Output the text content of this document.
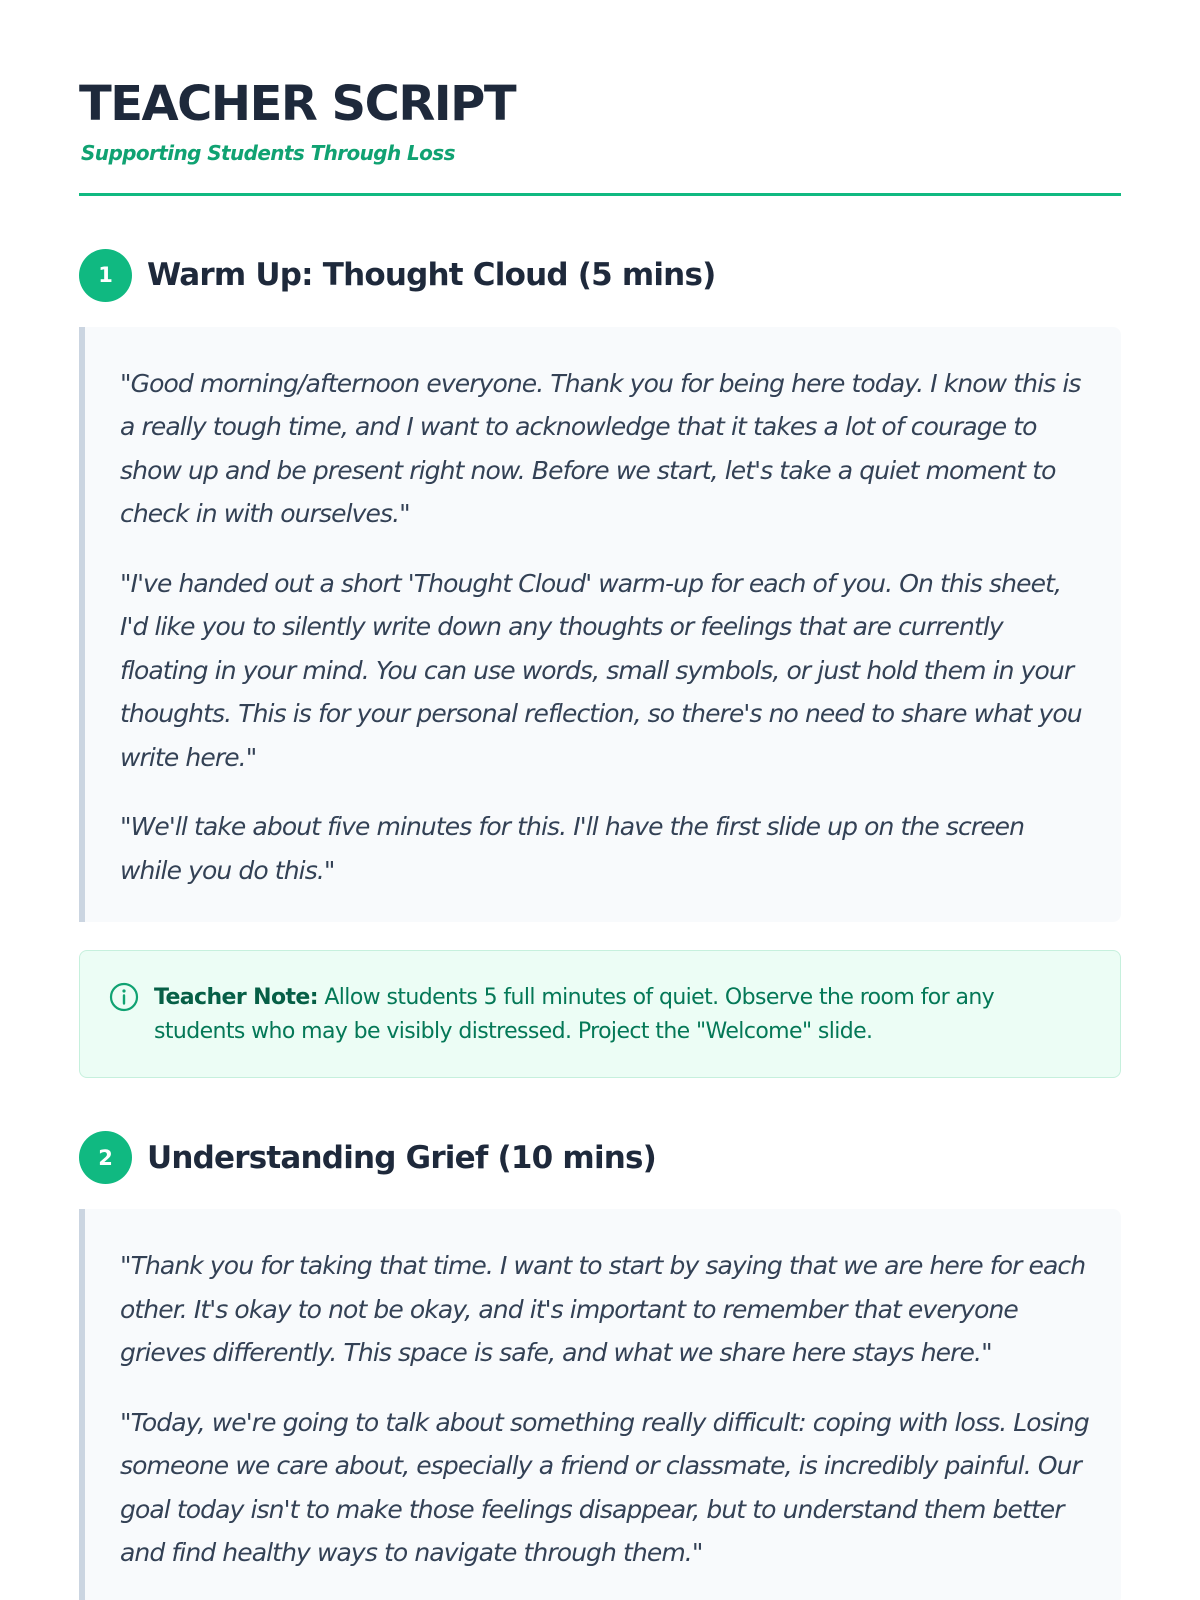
TEACHER SCRIPT
Supporting Students Through Loss
1	Warm Up: Thought Cloud (5 mins)

"Good morning/afternoon everyone. Thank you for being here today. I know this is a really tough time, and I want to acknowledge that it takes a lot of courage to show up and be present right now. Before we start, let's take a quiet moment to check in with ourselves."

"I've handed out a short 'Thought Cloud' warm-up for each of you. On this sheet, I'd like you to silently write down any thoughts or feelings that are currently floating in your mind. You can use words, small symbols, or just hold them in your thoughts. This is for your personal reflection, so there's no need to share what you write here."

"We'll take about five minutes for this. I'll have the first slide up on the screen while you do this."

Teacher Note: Allow students 5 full minutes of quiet. Observe the room for any students who may be visibly distressed. Project the "Welcome" slide.
2	Understanding Grief (10 mins)

"Thank you for taking that time. I want to start by saying that we are here for each other. It's okay to not be okay, and it's important to remember that everyone grieves differently. This space is safe, and what we share here stays here."

"Today, we're going to talk about something really difficult: coping with loss. Losing someone we care about, especially a friend or classmate, is incredibly painful. Our goal today isn't to make those feelings disappear, but to understand them better and find healthy ways to navigate through them."
